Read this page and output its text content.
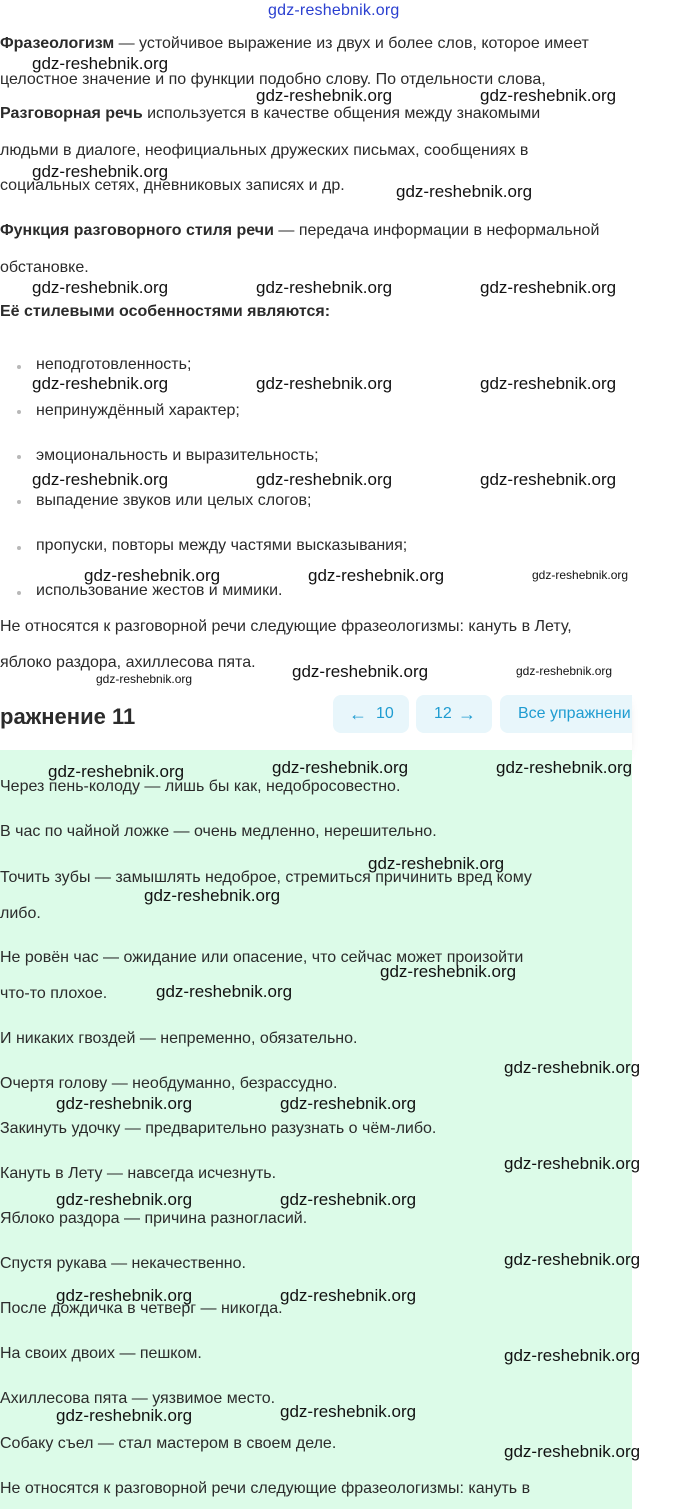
gdz-reshebnik.org
Фразеологизм — устойчивое выражение из двух и более слов, которое имеет
целостное значение и по функции подобно слову. По отдельности слова,
Разговорная речь используется в качестве общения между знакомыми
людьми в диалоге, неофициальных дружеских письмах, сообщениях в
социальных сетях, дневниковых записях и др.
Функция разговорного стиля речи — передача информации в неформальной
обстановке.
Её стилевыми особенностями являются:
неподготовленность;
непринуждённый характер;
эмоциональность и выразительность;
выпадение звуков или целых слогов;
пропуски, повторы между частями высказывания;
использование жестов и мимики.
Не относятся к разговорной речи следующие фразеологизмы: кануть в Лету,
яблоко раздора, ахиллесова пята.
ражнение 11	← 10	12 →	Все упражнени
Через пень-колоду — лишь бы как, недобросовестно.
В час по чайной ложке — очень медленно, нерешительно.
Точить зубы — замышлять недоброе, стремиться причинить вред кому
либо.
Не ровён час — ожидание или опасение, что сейчас может произойти
что-то плохое.
И никаких гвоздей — непременно, обязательно.
Очертя голову — необдуманно, безрассудно.
Закинуть удочку — предварительно разузнать о чём-либо.
Кануть в Лету — навсегда исчезнуть.
Яблоко раздора — причина разногласий.
Спустя рукава — некачественно.
После дождичка в четверг — никогда.
На своих двоих — пешком.
Ахиллесова пята — уязвимое место.
Собаку съел — стал мастером в своем деле.
Не относятся к разговорной речи следующие фразеологизмы: кануть в
gdz-reshebnik.org
gdz-reshebnik.org	gdz-reshebnik.org
gdz-reshebnik.org
gdz-reshebnik.org
gdz-reshebnik.org	gdz-reshebnik.org	gdz-reshebnik.org
gdz-reshebnik.org	gdz-reshebnik.org	gdz-reshebnik.org
gdz-reshebnik.org	gdz-reshebnik.org	gdz-reshebnik.org
gdz-reshebnik.org	gdz-reshebnik.org	gdz-reshebnik.org
gdz-reshebnik.org	gdz-reshebnik.org
gdz-reshebnik.org
gdz-reshebnik.org	gdz-reshebnik.org	gdz-reshebnik.org
gdz-reshebnik.org
gdz-reshebnik.org
gdz-reshebnik.org
gdz-reshebnik.org
gdz-reshebnik.org
gdz-reshebnik.org	gdz-reshebnik.org
gdz-reshebnik.org
gdz-reshebnik.org	gdz-reshebnik.org
gdz-reshebnik.org
gdz-reshebnik.org	gdz-reshebnik.org
gdz-reshebnik.org
gdz-reshebnik.org	gdz-reshebnik.org
gdz-reshebnik.org
